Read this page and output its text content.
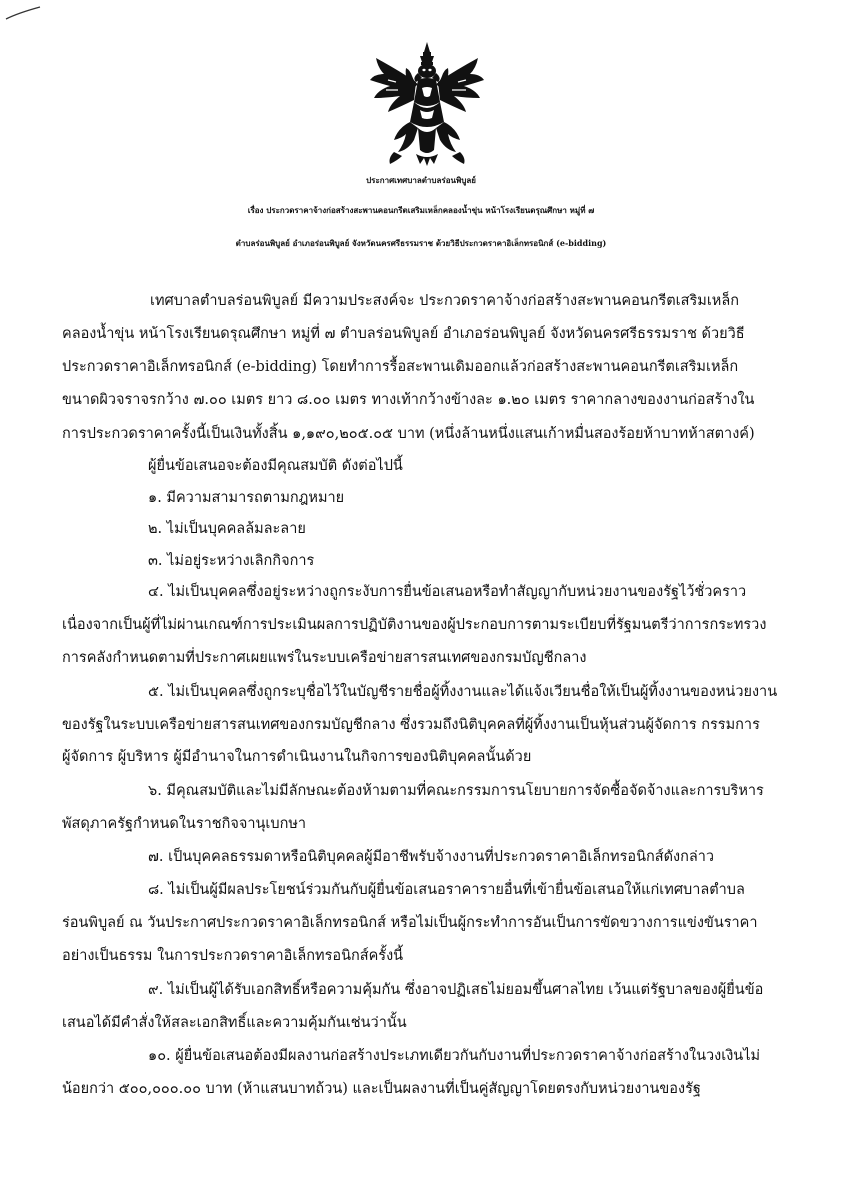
ประกาศเทศบาลตำบลร่อนพิบูลย์
เรื่อง ประกวดราคาจ้างก่อสร้างสะพานคอนกรีตเสริมเหล็กคลองน้ำขุ่น หน้าโรงเรียนดรุณศึกษา หมู่ที่ ๗
ตำบลร่อนพิบูลย์ อำเภอร่อนพิบูลย์ จังหวัดนครศรีธรรมราช ด้วยวิธีประกวดราคาอิเล็กทรอนิกส์ (e-bidding)
เทศบาลตำบลร่อนพิบูลย์ มีความประสงค์จะ ประกวดราคาจ้างก่อสร้างสะพานคอนกรีตเสริมเหล็ก
คลองน้ำขุ่น หน้าโรงเรียนดรุณศึกษา หมู่ที่ ๗ ตำบลร่อนพิบูลย์ อำเภอร่อนพิบูลย์ จังหวัดนครศรีธรรมราช ด้วยวิธี
ประกวดราคาอิเล็กทรอนิกส์ (e-bidding) โดยทำการรื้อสะพานเดิมออกแล้วก่อสร้างสะพานคอนกรีตเสริมเหล็ก
ขนาดผิวจราจรกว้าง ๗.๐๐ เมตร ยาว ๘.๐๐ เมตร ทางเท้ากว้างข้างละ ๑.๒๐ เมตร ราคากลางของงานก่อสร้างใน
การประกวดราคาครั้งนี้เป็นเงินทั้งสิ้น ๑,๑๙๐,๒๐๕.๐๕ บาท (หนึ่งล้านหนึ่งแสนเก้าหมื่นสองร้อยห้าบาทห้าสตางค์)
ผู้ยื่นข้อเสนอจะต้องมีคุณสมบัติ ดังต่อไปนี้
๑. มีความสามารถตามกฎหมาย
๒. ไม่เป็นบุคคลล้มละลาย
๓. ไม่อยู่ระหว่างเลิกกิจการ
๔. ไม่เป็นบุคคลซึ่งอยู่ระหว่างถูกระงับการยื่นข้อเสนอหรือทำสัญญากับหน่วยงานของรัฐไว้ชั่วคราว
เนื่องจากเป็นผู้ที่ไม่ผ่านเกณฑ์การประเมินผลการปฏิบัติงานของผู้ประกอบการตามระเบียบที่รัฐมนตรีว่าการกระทรวง
การคลังกำหนดตามที่ประกาศเผยแพร่ในระบบเครือข่ายสารสนเทศของกรมบัญชีกลาง
๕. ไม่เป็นบุคคลซึ่งถูกระบุชื่อไว้ในบัญชีรายชื่อผู้ทิ้งงานและได้แจ้งเวียนชื่อให้เป็นผู้ทิ้งงานของหน่วยงาน
ของรัฐในระบบเครือข่ายสารสนเทศของกรมบัญชีกลาง ซึ่งรวมถึงนิติบุคคลที่ผู้ทิ้งงานเป็นหุ้นส่วนผู้จัดการ กรรมการ
ผู้จัดการ ผู้บริหาร ผู้มีอำนาจในการดำเนินงานในกิจการของนิติบุคคลนั้นด้วย
๖. มีคุณสมบัติและไม่มีลักษณะต้องห้ามตามที่คณะกรรมการนโยบายการจัดซื้อจัดจ้างและการบริหาร
พัสดุภาครัฐกำหนดในราชกิจจานุเบกษา
๗. เป็นบุคคลธรรมดาหรือนิติบุคคลผู้มีอาชีพรับจ้างงานที่ประกวดราคาอิเล็กทรอนิกส์ดังกล่าว
๘. ไม่เป็นผู้มีผลประโยชน์ร่วมกันกับผู้ยื่นข้อเสนอราคารายอื่นที่เข้ายื่นข้อเสนอให้แก่เทศบาลตำบล
ร่อนพิบูลย์ ณ วันประกาศประกวดราคาอิเล็กทรอนิกส์ หรือไม่เป็นผู้กระทำการอันเป็นการขัดขวางการแข่งขันราคา
อย่างเป็นธรรม ในการประกวดราคาอิเล็กทรอนิกส์ครั้งนี้
๙. ไม่เป็นผู้ได้รับเอกสิทธิ์หรือความคุ้มกัน ซึ่งอาจปฏิเสธไม่ยอมขึ้นศาลไทย เว้นแต่รัฐบาลของผู้ยื่นข้อ
เสนอได้มีคำสั่งให้สละเอกสิทธิ์และความคุ้มกันเช่นว่านั้น
๑๐. ผู้ยื่นข้อเสนอต้องมีผลงานก่อสร้างประเภทเดียวกันกับงานที่ประกวดราคาจ้างก่อสร้างในวงเงินไม่
น้อยกว่า ๕๐๐,๐๐๐.๐๐ บาท (ห้าแสนบาทถ้วน) และเป็นผลงานที่เป็นคู่สัญญาโดยตรงกับหน่วยงานของรัฐ
